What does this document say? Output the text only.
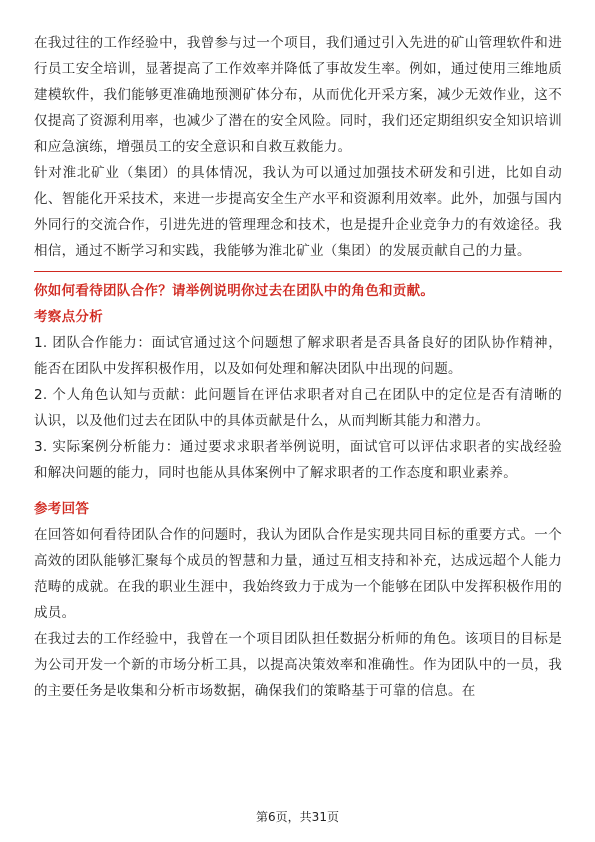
在我过往的工作经验中，我曾参与过一个项目，我们通过引入先进的矿山管理软件和进行员工安全培训，显著提高了工作效率并降低了事故发生率。例如，通过使用三维地质建模软件，我们能够更准确地预测矿体分布，从而优化开采方案，减少无效作业，这不仅提高了资源利用率，也减少了潜在的安全风险。同时，我们还定期组织安全知识培训和应急演练，增强员工的安全意识和自救互救能力。

针对淮北矿业（集团）的具体情况，我认为可以通过加强技术研发和引进，比如自动化、智能化开采技术，来进一步提高安全生产水平和资源利用效率。此外，加强与国内外同行的交流合作，引进先进的管理理念和技术，也是提升企业竞争力的有效途径。我相信，通过不断学习和实践，我能够为淮北矿业（集团）的发展贡献自己的力量。

你如何看待团队合作？请举例说明你过去在团队中的角色和贡献。

考察点分析

1. 团队合作能力：面试官通过这个问题想了解求职者是否具备良好的团队协作精神，能否在团队中发挥积极作用，以及如何处理和解决团队中出现的问题。

2. 个人角色认知与贡献：此问题旨在评估求职者对自己在团队中的定位是否有清晰的认识，以及他们过去在团队中的具体贡献是什么，从而判断其能力和潜力。

3. 实际案例分析能力：通过要求求职者举例说明，面试官可以评估求职者的实战经验和解决问题的能力，同时也能从具体案例中了解求职者的工作态度和职业素养。

参考回答

在回答如何看待团队合作的问题时，我认为团队合作是实现共同目标的重要方式。一个高效的团队能够汇聚每个成员的智慧和力量，通过互相支持和补充，达成远超个人能力范畴的成就。在我的职业生涯中，我始终致力于成为一个能够在团队中发挥积极作用的成员。

在我过去的工作经验中，我曾在一个项目团队担任数据分析师的角色。该项目的目标是为公司开发一个新的市场分析工具，以提高决策效率和准确性。作为团队中的一员，我的主要任务是收集和分析市场数据，确保我们的策略基于可靠的信息。在

第6页，共31页
